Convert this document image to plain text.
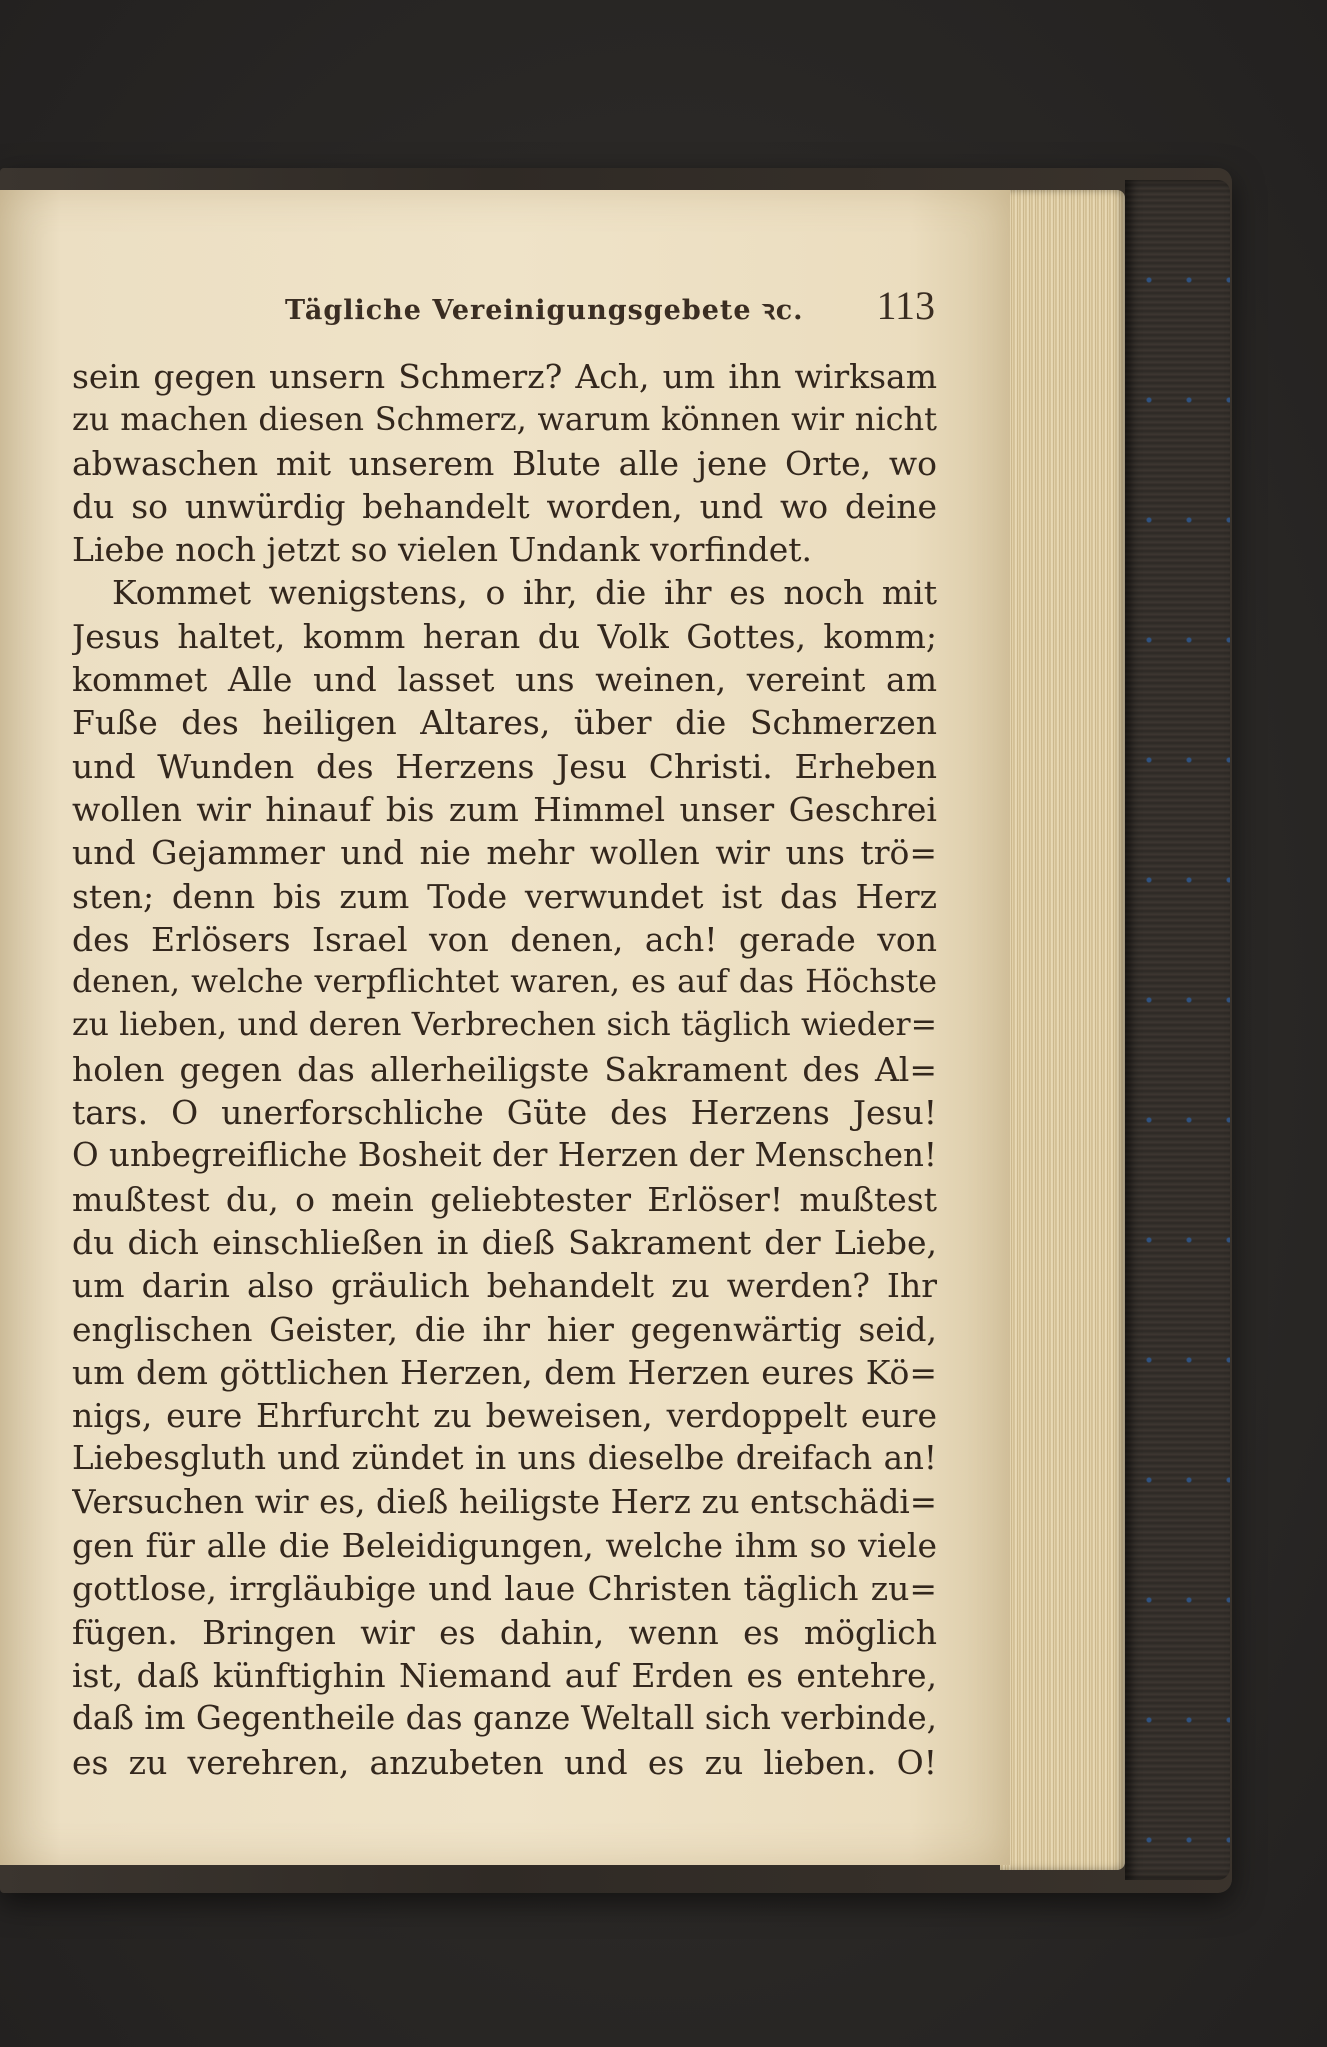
Tägliche Vereinigungsgebete ꝛc. 113
sein gegen unsern Schmerz? Ach, um ihn wirksam
zu machen diesen Schmerz, warum können wir nicht
abwaschen mit unserem Blute alle jene Orte, wo
du so unwürdig behandelt worden, und wo deine
Liebe noch jetzt so vielen Undank vorfindet.
Kommet wenigstens, o ihr, die ihr es noch mit
Jesus haltet, komm heran du Volk Gottes, komm;
kommet Alle und lasset uns weinen, vereint am
Fuße des heiligen Altares, über die Schmerzen
und Wunden des Herzens Jesu Christi. Erheben
wollen wir hinauf bis zum Himmel unser Geschrei
und Gejammer und nie mehr wollen wir uns trö=
sten; denn bis zum Tode verwundet ist das Herz
des Erlösers Israel von denen, ach! gerade von
denen, welche verpflichtet waren, es auf das Höchste
zu lieben, und deren Verbrechen sich täglich wieder=
holen gegen das allerheiligste Sakrament des Al=
tars. O unerforschliche Güte des Herzens Jesu!
O unbegreifliche Bosheit der Herzen der Menschen!
mußtest du, o mein geliebtester Erlöser! mußtest
du dich einschließen in dieß Sakrament der Liebe,
um darin also gräulich behandelt zu werden? Ihr
englischen Geister, die ihr hier gegenwärtig seid,
um dem göttlichen Herzen, dem Herzen eures Kö=
nigs, eure Ehrfurcht zu beweisen, verdoppelt eure
Liebesgluth und zündet in uns dieselbe dreifach an!
Versuchen wir es, dieß heiligste Herz zu entschädi=
gen für alle die Beleidigungen, welche ihm so viele
gottlose, irrgläubige und laue Christen täglich zu=
fügen. Bringen wir es dahin, wenn es möglich
ist, daß künftighin Niemand auf Erden es entehre,
daß im Gegentheile das ganze Weltall sich verbinde,
es zu verehren, anzubeten und es zu lieben. O!
